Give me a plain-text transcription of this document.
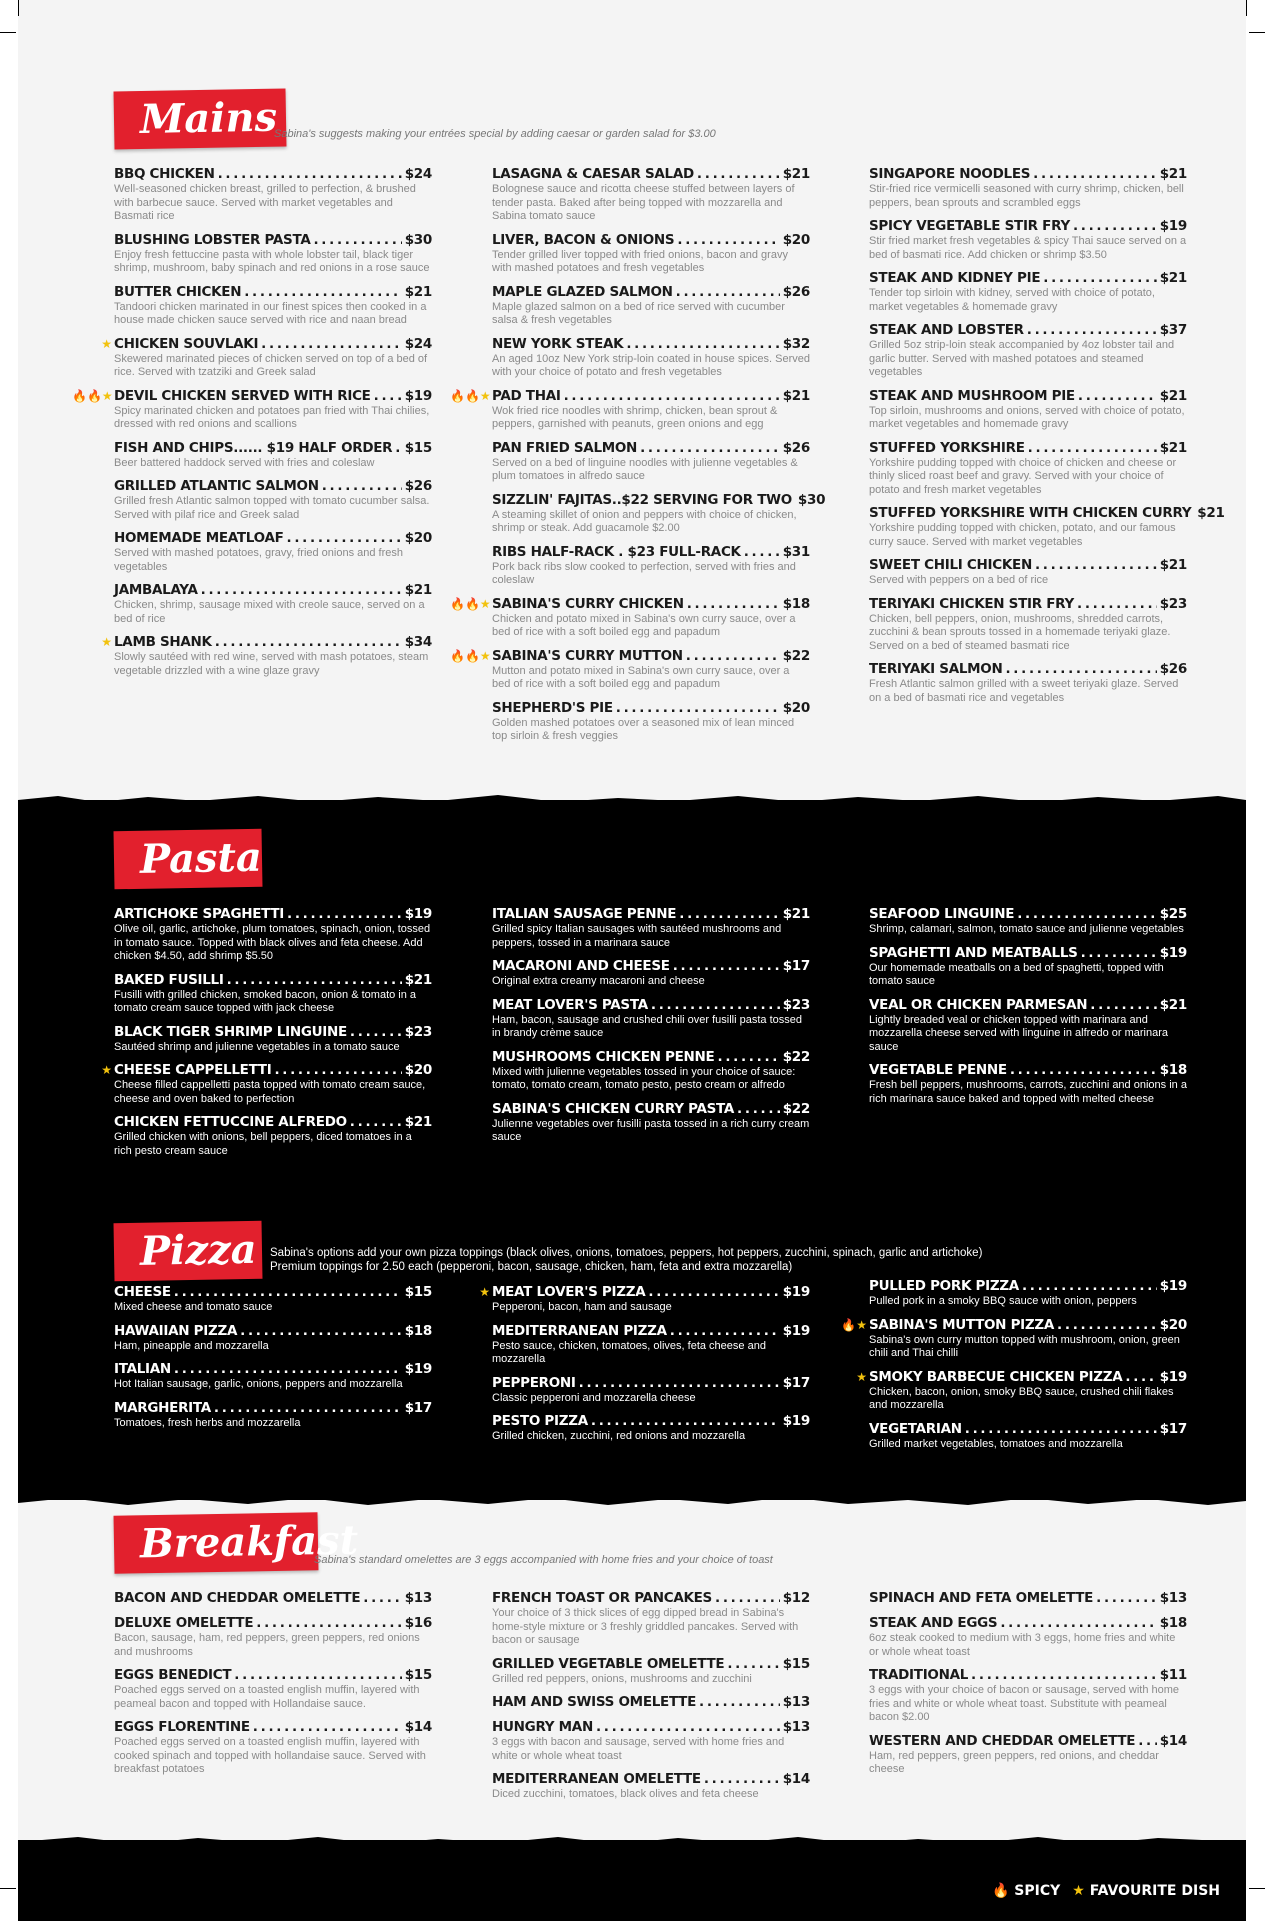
Mains
Sabina's suggests making your entrées special by adding caesar or garden salad for $3.00
BBQ CHICKEN . . .	$24
Well-seasoned chicken breast, grilled to perfection, & brushed with barbecue sauce. Served with market vegetables and Basmati rice
BLUSHING LOBSTER PASTA . . .	$30
Enjoy fresh fettuccine pasta with whole lobster tail, black tiger shrimp, mushroom, baby spinach and red onions in a rose sauce
BUTTER CHICKEN . . .	$21
Tandoori chicken marinated in our finest spices then cooked in a house made chicken sauce served with rice and naan bread
★ CHICKEN SOUVLAKI . . .	$24
Skewered marinated pieces of chicken served on top of a bed of rice. Served with tzatziki and Greek salad
🔥🔥★ DEVIL CHICKEN SERVED WITH RICE . . .	$19
Spicy marinated chicken and potatoes pan fried with Thai chilies, dressed with red onions and scallions
FISH AND CHIPS...... $19 HALF ORDER . . . $15
Beer battered haddock served with fries and coleslaw
GRILLED ATLANTIC SALMON . . .	$26
Grilled fresh Atlantic salmon topped with tomato cucumber salsa. Served with pilaf rice and Greek salad
HOMEMADE MEATLOAF . . .	$20
Served with mashed potatoes, gravy, fried onions and fresh vegetables
JAMBALAYA . . .	$21
Chicken, shrimp, sausage mixed with creole sauce, served on a bed of rice
★ LAMB SHANK . . .	$34
Slowly sautéed with red wine, served with mash potatoes, steam vegetable drizzled with a wine glaze gravy
LASAGNA & CAESAR SALAD . . .	$21
Bolognese sauce and ricotta cheese stuffed between layers of tender pasta. Baked after being topped with mozzarella and Sabina tomato sauce
LIVER, BACON & ONIONS . . .	$20
Tender grilled liver topped with fried onions, bacon and gravy with mashed potatoes and fresh vegetables
MAPLE GLAZED SALMON . . .	$26
Maple glazed salmon on a bed of rice served with cucumber salsa & fresh vegetables
NEW YORK STEAK . . .	$32
An aged 10oz New York strip-loin coated in house spices. Served with your choice of potato and fresh vegetables
🔥🔥★ PAD THAI . . .	$21
Wok fried rice noodles with shrimp, chicken, bean sprout & peppers, garnished with peanuts, green onions and egg
PAN FRIED SALMON . . .	$26
Served on a bed of linguine noodles with julienne vegetables & plum tomatoes in alfredo sauce
SIZZLIN' FAJITAS..$22 SERVING FOR TWO $30
A steaming skillet of onion and peppers with choice of chicken, shrimp or steak. Add guacamole $2.00
RIBS HALF-RACK . $23 FULL-RACK . . .	$31
Pork back ribs slow cooked to perfection, served with fries and coleslaw
🔥🔥★ SABINA'S CURRY CHICKEN . . .	$18
Chicken and potato mixed in Sabina's own curry sauce, over a bed of rice with a soft boiled egg and papadum
🔥🔥★ SABINA'S CURRY MUTTON . . .	$22
Mutton and potato mixed in Sabina's own curry sauce, over a bed of rice with a soft boiled egg and papadum
SHEPHERD'S PIE . . .	$20
Golden mashed potatoes over a seasoned mix of lean minced top sirloin & fresh veggies
SINGAPORE NOODLES . . .	$21
Stir-fried rice vermicelli seasoned with curry shrimp, chicken, bell peppers, bean sprouts and scrambled eggs
SPICY VEGETABLE STIR FRY . . .	$19
Stir fried market fresh vegetables & spicy Thai sauce served on a bed of basmati rice. Add chicken or shrimp $3.50
STEAK AND KIDNEY PIE . . .	$21
Tender top sirloin with kidney, served with choice of potato, market vegetables & homemade gravy
STEAK AND LOBSTER . . .	$37
Grilled 5oz strip-loin steak accompanied by 4oz lobster tail and garlic butter. Served with mashed potatoes and steamed vegetables
STEAK AND MUSHROOM PIE . . .	$21
Top sirloin, mushrooms and onions, served with choice of potato, market vegetables and homemade gravy
STUFFED YORKSHIRE . . .	$21
Yorkshire pudding topped with choice of chicken and cheese or thinly sliced roast beef and gravy. Served with your choice of potato and fresh market vegetables
STUFFED YORKSHIRE WITH CHICKEN CURRY $21
Yorkshire pudding topped with chicken, potato, and our famous curry sauce. Served with market vegetables
SWEET CHILI CHICKEN . . .	$21
Served with peppers on a bed of rice
TERIYAKI CHICKEN STIR FRY . . .	$23
Chicken, bell peppers, onion, mushrooms, shredded carrots, zucchini & bean sprouts tossed in a homemade teriyaki glaze. Served on a bed of steamed basmati rice
TERIYAKI SALMON . . .	$26
Fresh Atlantic salmon grilled with a sweet teriyaki glaze. Served on a bed of basmati rice and vegetables
Pasta
ARTICHOKE SPAGHETTI . . .	$19
Olive oil, garlic, artichoke, plum tomatoes, spinach, onion, tossed in tomato sauce. Topped with black olives and feta cheese. Add chicken $4.50, add shrimp $5.50
BAKED FUSILLI . . .	$21
Fusilli with grilled chicken, smoked bacon, onion & tomato in a tomato cream sauce topped with jack cheese
BLACK TIGER SHRIMP LINGUINE . . .	$23
Sautéed shrimp and julienne vegetables in a tomato sauce
★ CHEESE CAPPELLETTI . . .	$20
Cheese filled cappelletti pasta topped with tomato cream sauce, cheese and oven baked to perfection
CHICKEN FETTUCCINE ALFREDO . . .	$21
Grilled chicken with onions, bell peppers, diced tomatoes in a rich pesto cream sauce
ITALIAN SAUSAGE PENNE . . .	$21
Grilled spicy Italian sausages with sautéed mushrooms and peppers, tossed in a marinara sauce
MACARONI AND CHEESE . . .	$17
Original extra creamy macaroni and cheese
MEAT LOVER'S PASTA . . .	$23
Ham, bacon, sausage and crushed chili over fusilli pasta tossed in brandy crème sauce
MUSHROOMS CHICKEN PENNE . . .	$22
Mixed with julienne vegetables tossed in your choice of sauce: tomato, tomato cream, tomato pesto, pesto cream or alfredo
SABINA'S CHICKEN CURRY PASTA . . .	$22
Julienne vegetables over fusilli pasta tossed in a rich curry cream sauce
SEAFOOD LINGUINE . . .	$25
Shrimp, calamari, salmon, tomato sauce and julienne vegetables
SPAGHETTI AND MEATBALLS . . .	$19
Our homemade meatballs on a bed of spaghetti, topped with tomato sauce
VEAL OR CHICKEN PARMESAN . . .	$21
Lightly breaded veal or chicken topped with marinara and mozzarella cheese served with linguine in alfredo or marinara sauce
VEGETABLE PENNE . . .	$18
Fresh bell peppers, mushrooms, carrots, zucchini and onions in a rich marinara sauce baked and topped with melted cheese
Pizza	Sabina's options add your own pizza toppings (black olives, onions, tomatoes, peppers, hot peppers, zucchini, spinach, garlic and artichoke)
Premium toppings for 2.50 each (pepperoni, bacon, sausage, chicken, ham, feta and extra mozzarella)
CHEESE . . .	$15
Mixed cheese and tomato sauce
HAWAIIAN PIZZA . . .	$18
Ham, pineapple and mozzarella
ITALIAN . . .	$19
Hot Italian sausage, garlic, onions, peppers and mozzarella
MARGHERITA . . .	$17
Tomatoes, fresh herbs and mozzarella
★ MEAT LOVER'S PIZZA . . .	$19
Pepperoni, bacon, ham and sausage
MEDITERRANEAN PIZZA . . .	$19
Pesto sauce, chicken, tomatoes, olives, feta cheese and mozzarella
PEPPERONI . . .	$17
Classic pepperoni and mozzarella cheese
PESTO PIZZA . . .	$19
Grilled chicken, zucchini, red onions and mozzarella
PULLED PORK PIZZA . . .	$19
Pulled pork in a smoky BBQ sauce with onion, peppers
🔥★ SABINA'S MUTTON PIZZA . . .	$20
Sabina's own curry mutton topped with mushroom, onion, green chili and Thai chilli
★ SMOKY BARBECUE CHICKEN PIZZA . . .	$19
Chicken, bacon, onion, smoky BBQ sauce, crushed chili flakes and mozzarella
VEGETARIAN . . .	$17
Grilled market vegetables, tomatoes and mozzarella
Breakfast
Sabina's standard omelettes are 3 eggs accompanied with home fries and your choice of toast
BACON AND CHEDDAR OMELETTE . . .	$13
DELUXE OMELETTE . . .	$16
Bacon, sausage, ham, red peppers, green peppers, red onions and mushrooms
EGGS BENEDICT . . .	$15
Poached eggs served on a toasted english muffin, layered with peameal bacon and topped with Hollandaise sauce.
EGGS FLORENTINE . . .	$14
Poached eggs served on a toasted english muffin, layered with cooked spinach and topped with hollandaise sauce. Served with breakfast potatoes
FRENCH TOAST OR PANCAKES . . .	$12
Your choice of 3 thick slices of egg dipped bread in Sabina's home-style mixture or 3 freshly griddled pancakes. Served with bacon or sausage
GRILLED VEGETABLE OMELETTE . . .	$15
Grilled red peppers, onions, mushrooms and zucchini
HAM AND SWISS OMELETTE . . .	$13
HUNGRY MAN . . .	$13
3 eggs with bacon and sausage, served with home fries and white or whole wheat toast
MEDITERRANEAN OMELETTE . . .	$14
Diced zucchini, tomatoes, black olives and feta cheese
SPINACH AND FETA OMELETTE . . .	$13
STEAK AND EGGS . . .	$18
6oz steak cooked to medium with 3 eggs, home fries and white or whole wheat toast
TRADITIONAL . . .	$11
3 eggs with your choice of bacon or sausage, served with home fries and white or whole wheat toast. Substitute with peameal bacon $2.00
WESTERN AND CHEDDAR OMELETTE . . . $14
Ham, red peppers, green peppers, red onions, and cheddar cheese
🔥 SPICY ★ FAVOURITE DISH
